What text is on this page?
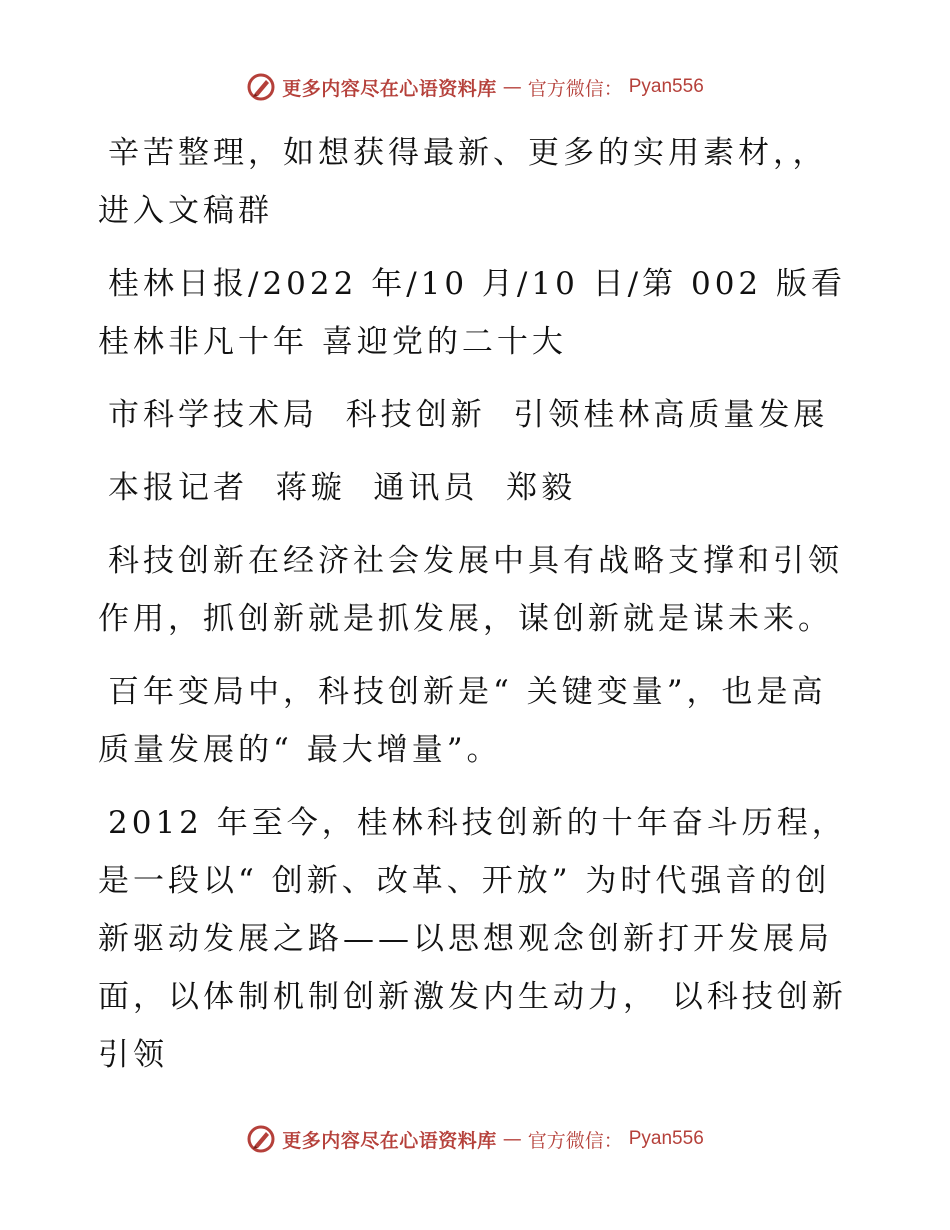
更多内容尽在心语资料库 — 官方微信： Pyan556

辛苦整理，如想获得最新、更多的实用素材，，进入文稿群

桂林日报/2022 年/10 月/10 日/第 002 版看桂林非凡十年 喜迎党的二十大

市科学技术局  科技创新  引领桂林高质量发展

本报记者  蒋璇  通讯员  郑毅

科技创新在经济社会发展中具有战略支撑和引领作用，抓创新就是抓发展，谋创新就是谋未来。

百年变局中，科技创新是“ 关键变量”，也是高质量发展的“ 最大增量”。

2012 年至今，桂林科技创新的十年奋斗历程，是一段以“ 创新、改革、开放” 为时代强音的创新驱动发展之路——以思想观念创新打开发展局面，以体制机制创新激发内生动力， 以科技创新引领

更多内容尽在心语资料库 — 官方微信： Pyan556
